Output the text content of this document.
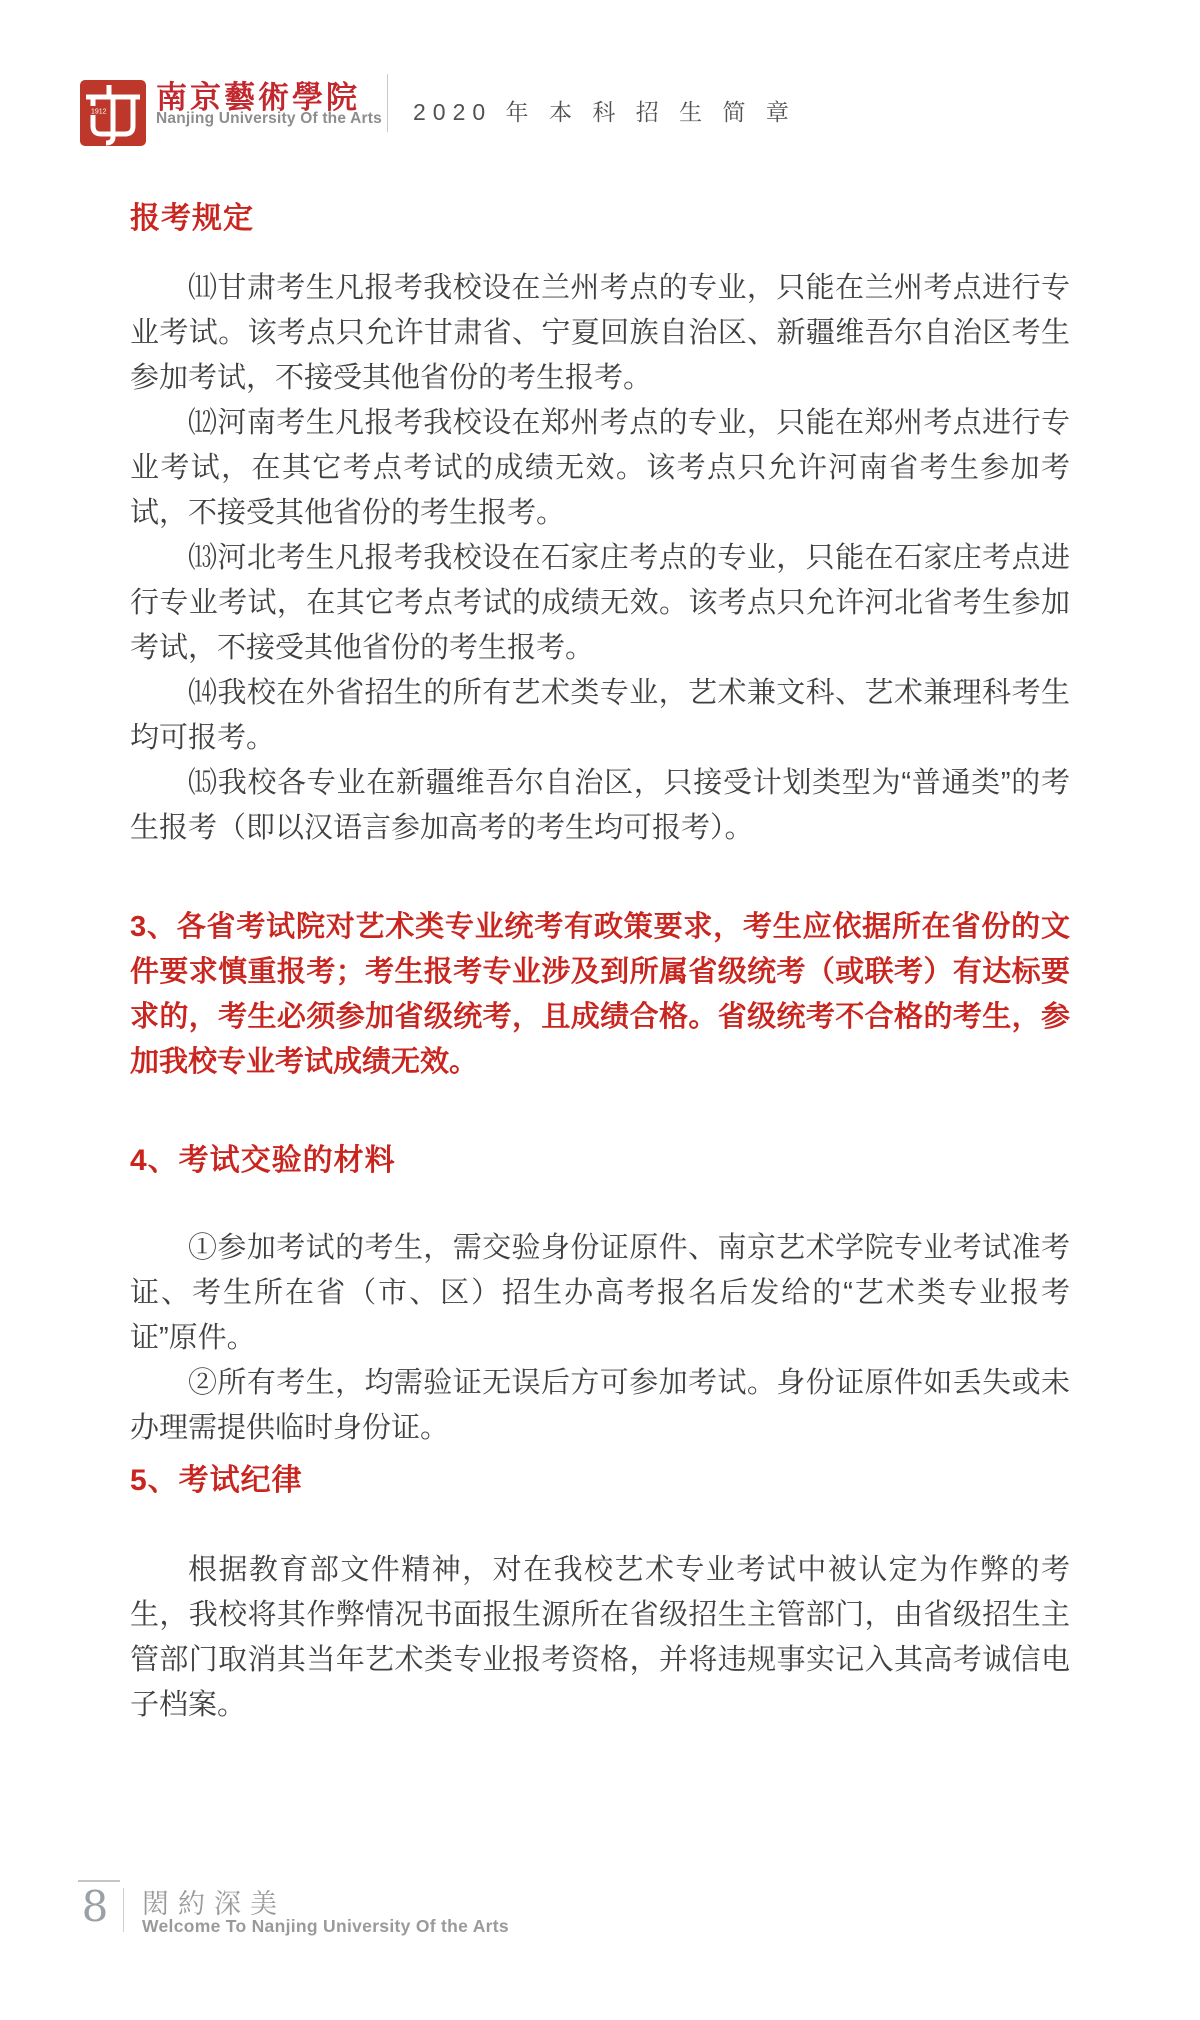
1912 南京藝術學院
Nanjing University Of the Arts 2020 年 本 科 招 生 简 章
报考规定

⑾甘肃考生凡报考我校设在兰州考点的专业，只能在兰州考点进行专业考试。该考点只允许甘肃省、宁夏回族自治区、新疆维吾尔自治区考生参加考试，不接受其他省份的考生报考。

⑿河南考生凡报考我校设在郑州考点的专业，只能在郑州考点进行专业考试，在其它考点考试的成绩无效。该考点只允许河南省考生参加考试，不接受其他省份的考生报考。

⒀河北考生凡报考我校设在石家庄考点的专业，只能在石家庄考点进行专业考试，在其它考点考试的成绩无效。该考点只允许河北省考生参加考试，不接受其他省份的考生报考。

⒁我校在外省招生的所有艺术类专业，艺术兼文科、艺术兼理科考生均可报考。

⒂我校各专业在新疆维吾尔自治区，只接受计划类型为“普通类”的考生报考（即以汉语言参加高考的考生均可报考）。

3、各省考试院对艺术类专业统考有政策要求，考生应依据所在省份的文件要求慎重报考；考生报考专业涉及到所属省级统考（或联考）有达标要求的，考生必须参加省级统考，且成绩合格。省级统考不合格的考生，参加我校专业考试成绩无效。

4、考试交验的材料

①参加考试的考生，需交验身份证原件、南京艺术学院专业考试准考证、考生所在省（市、区）招生办高考报名后发给的“艺术类专业报考证”原件。

②所有考生，均需验证无误后方可参加考试。身份证原件如丢失或未办理需提供临时身份证。

5、考试纪律

根据教育部文件精神，对在我校艺术专业考试中被认定为作弊的考生，我校将其作弊情况书面报生源所在省级招生主管部门，由省级招生主管部门取消其当年艺术类专业报考资格，并将违规事实记入其高考诚信电子档案。

8	閎約深美
Welcome To Nanjing University Of the Arts
